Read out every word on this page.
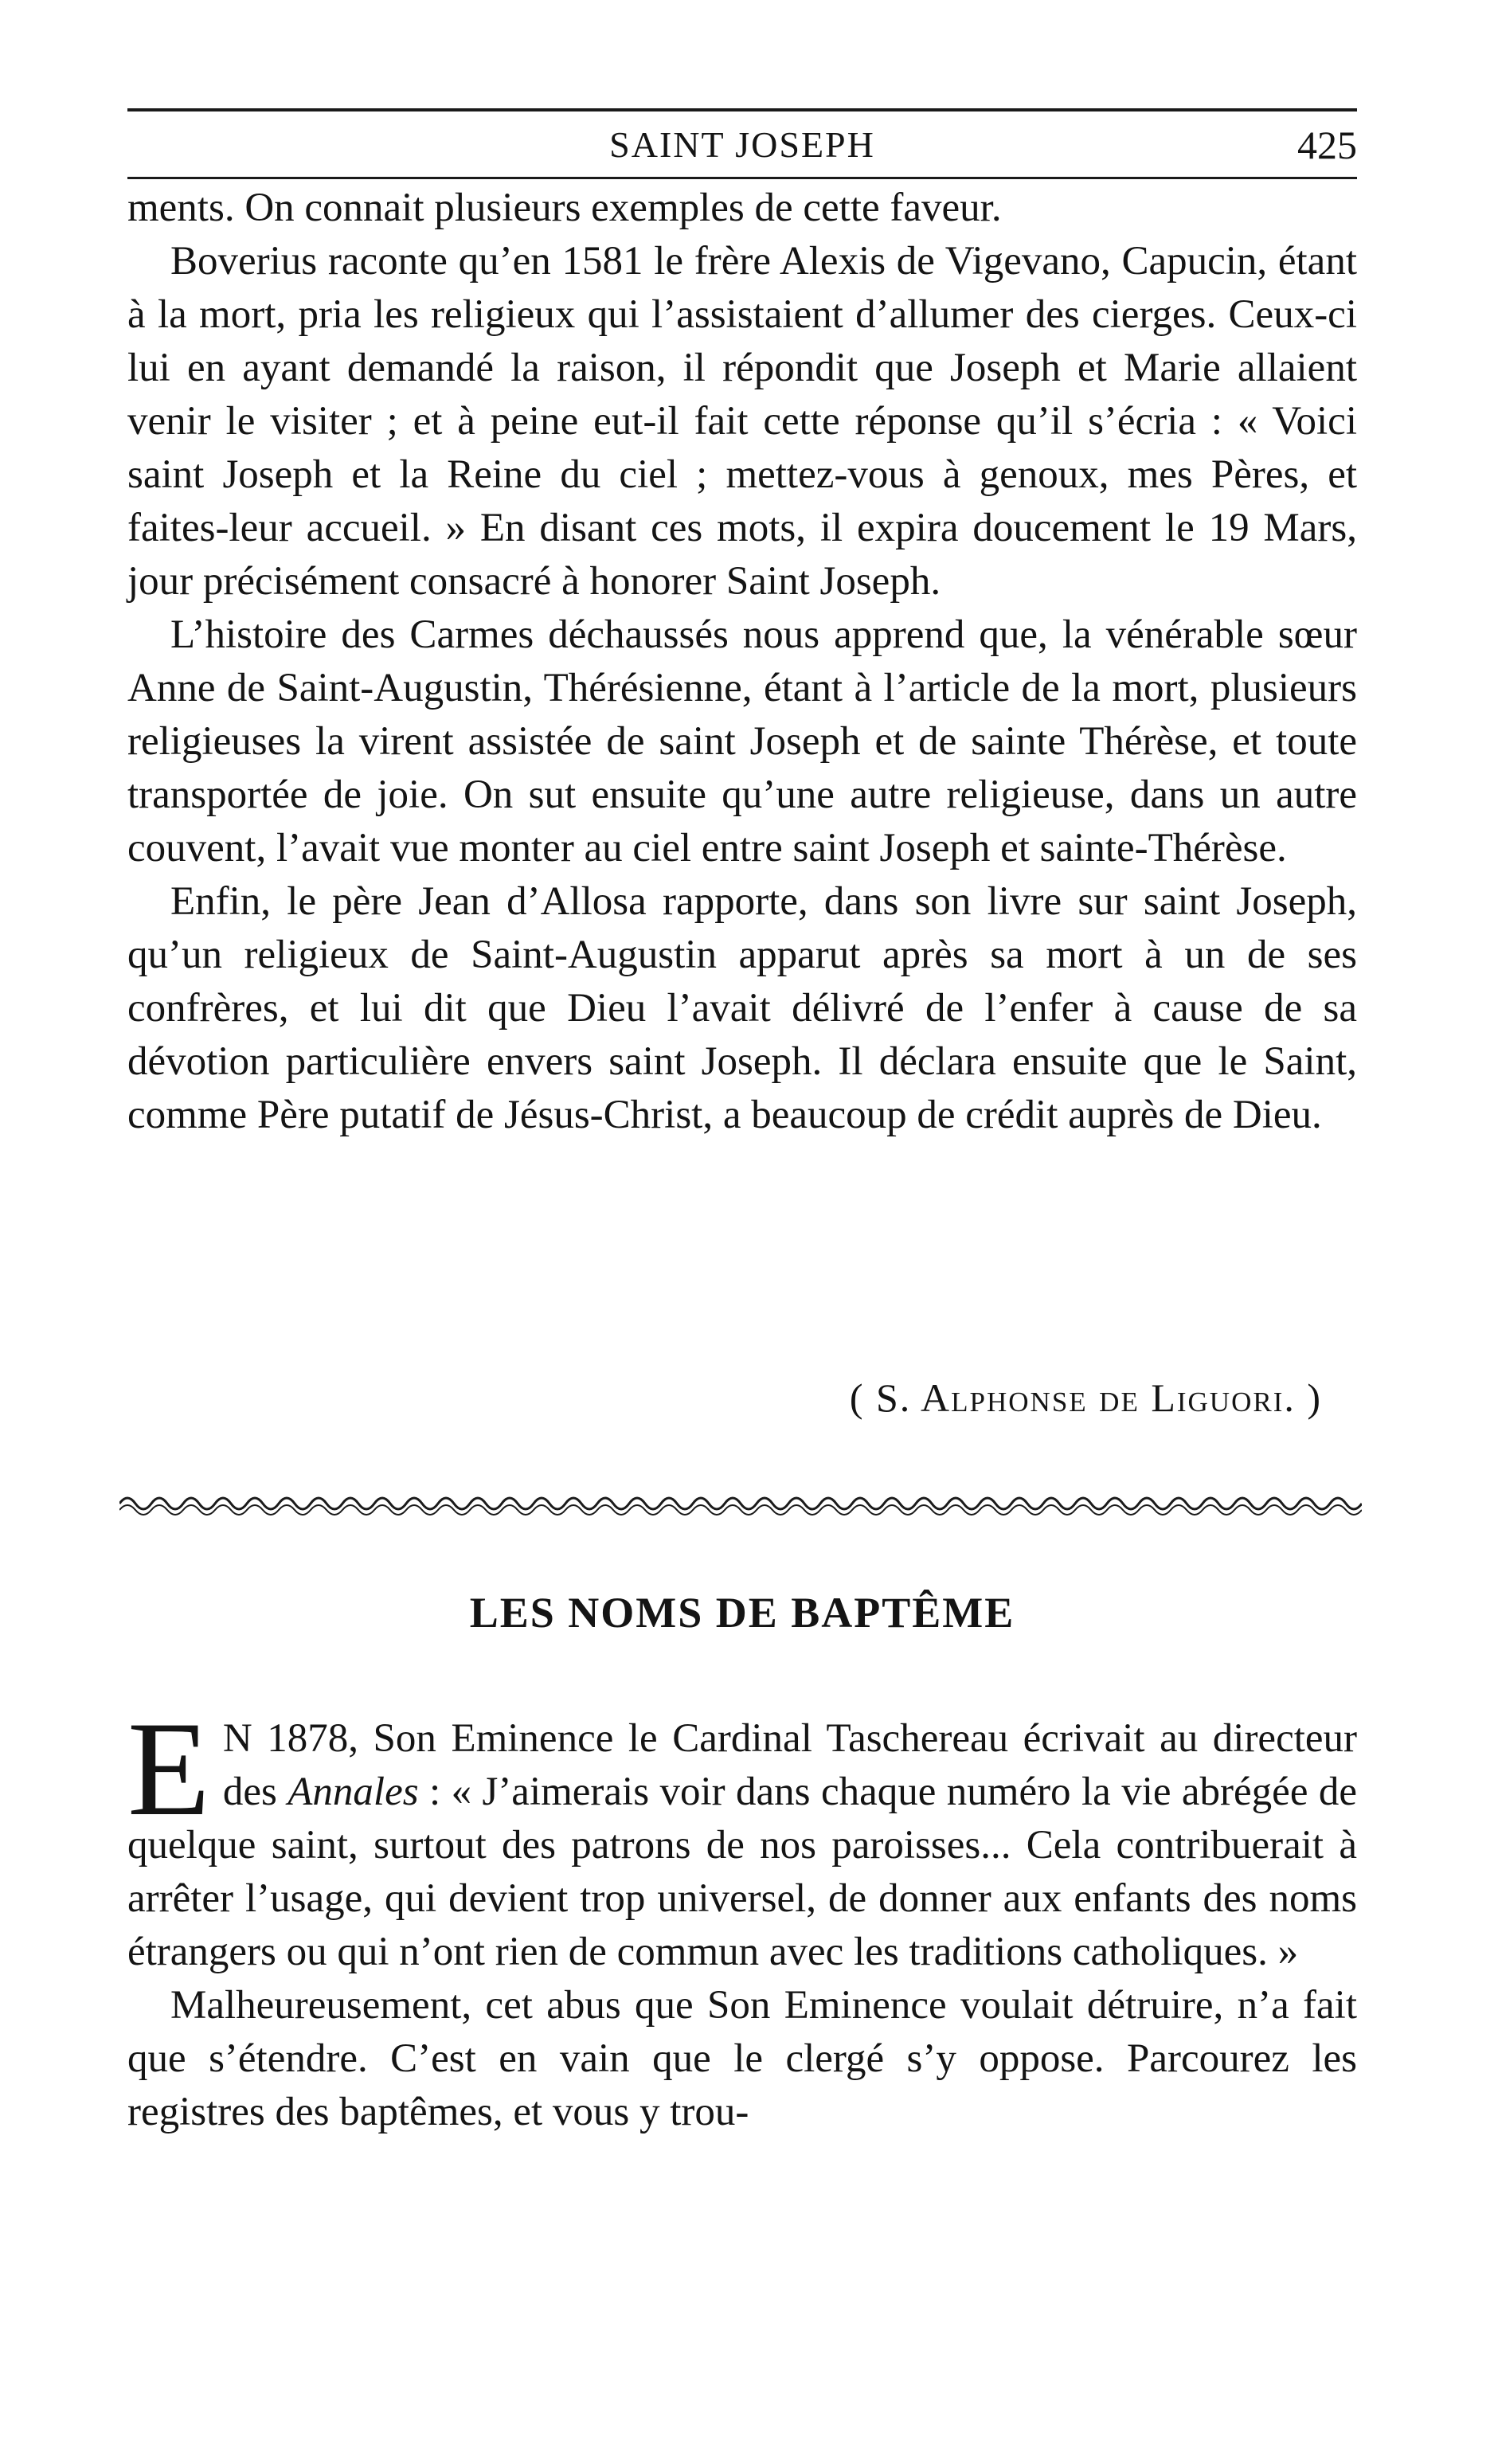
SAINT JOSEPH	425

ments. On connait plusieurs exemples de cette faveur.

Boverius raconte qu’en 1581 le frère Alexis de Vigevano, Capucin, étant à la mort, pria les religieux qui l’assistaient d’allumer des cierges. Ceux-ci lui en ayant demandé la raison, il répondit que Joseph et Marie allaient venir le visiter ; et à peine eut-il fait cette réponse qu’il s’écria : « Voici saint Joseph et la Reine du ciel ; mettez-vous à genoux, mes Pères, et faites-leur accueil. » En disant ces mots, il expira doucement le 19 Mars, jour précisément consacré à honorer Saint Joseph.

L’histoire des Carmes déchaussés nous apprend que, la vénérable sœur Anne de Saint-Augustin, Thérésienne, étant à l’article de la mort, plusieurs religieuses la virent assistée de saint Joseph et de sainte Thérèse, et toute transportée de joie. On sut ensuite qu’une autre religieuse, dans un autre couvent, l’avait vue monter au ciel entre saint Joseph et sainte-Thérèse.

Enfin, le père Jean d’Allosa rapporte, dans son livre sur saint Joseph, qu’un religieux de Saint-Augustin apparut après sa mort à un de ses confrères, et lui dit que Dieu l’avait délivré de l’enfer à cause de sa dévotion particulière envers saint Joseph. Il déclara ensuite que le Saint, comme Père putatif de Jésus-Christ, a beaucoup de crédit auprès de Dieu.

( S. Alphonse de Liguori. )
LES NOMS DE BAPTÊME

E N 1878, Son Eminence le Cardinal Taschereau écrivait au directeur des Annales : « J’aimerais voir dans chaque numéro la vie abrégée de quelque saint, surtout des patrons de nos paroisses... Cela contribuerait à arrêter l’usage, qui devient trop universel, de donner aux enfants des noms étrangers ou qui n’ont rien de commun avec les traditions catholiques. »

Malheureusement, cet abus que Son Eminence voulait détruire, n’a fait que s’étendre. C’est en vain que le clergé s’y oppose. Parcourez les registres des baptêmes, et vous y trou-
